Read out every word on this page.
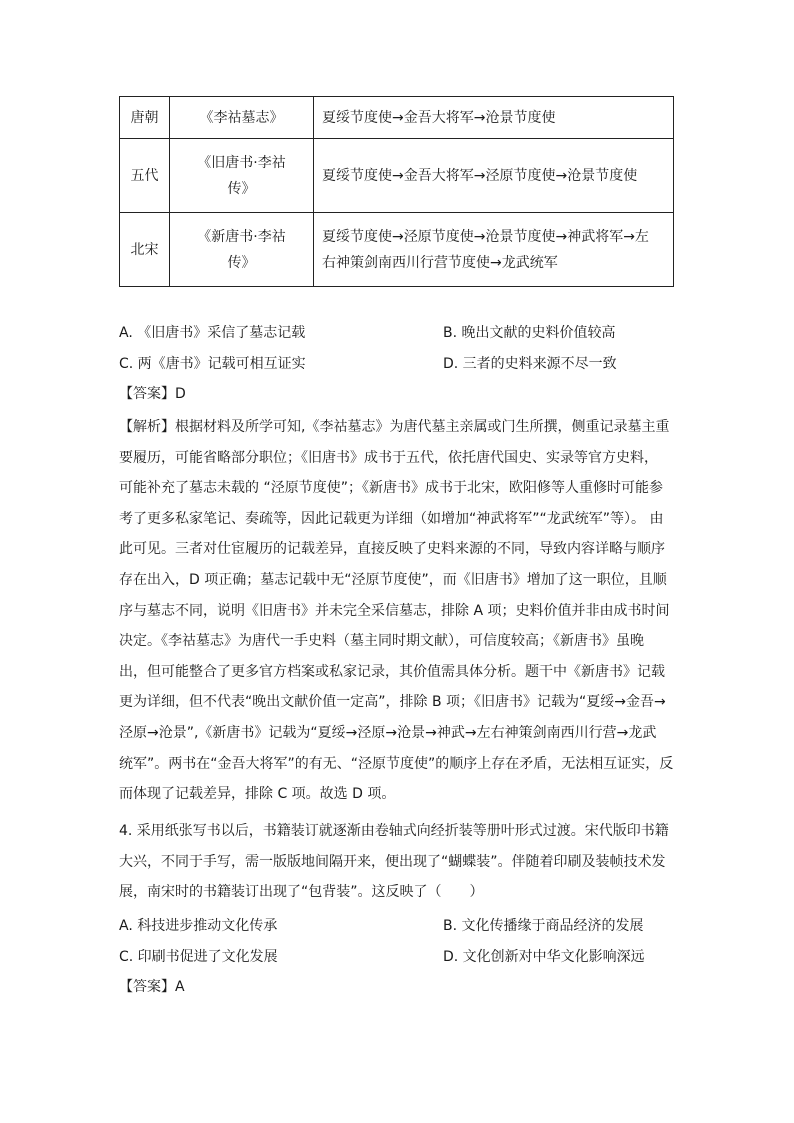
唐朝	《李祜墓志》	夏绥节度使→金吾大将军→沧景节度使

五代	《旧唐书·李祜
传》	夏绥节度使→金吾大将军→泾原节度使→沧景节度使

北宋	《新唐书·李祜
传》	夏绥节度使→泾原节度使→沧景节度使→神武将军→左
右神策剑南西川行营节度使→龙武统军
A. 《旧唐书》采信了墓志记载	B. 晚出文献的史料价值较高
C. 两《唐书》记载可相互证实	D. 三者的史料来源不尽一致
【答案】D
【解析】根据材料及所学可知,《李祜墓志》为唐代墓主亲属或门生所撰，侧重记录墓主重
要履历，可能省略部分职位；《旧唐书》成书于五代，依托唐代国史、实录等官方史料，
可能补充了墓志未载的 “泾原节度使”；《新唐书》成书于北宋，欧阳修等人重修时可能参
考了更多私家笔记、奏疏等，因此记载更为详细（如增加“神武将军”“龙武统军”等）。 由
此可见。三者对仕宦履历的记载差异，直接反映了史料来源的不同，导致内容详略与顺序
存在出入，D 项正确；墓志记载中无“泾原节度使”，而《旧唐书》增加了这一职位，且顺
序与墓志不同，说明《旧唐书》并未完全采信墓志，排除 A 项；史料价值并非由成书时间
决定。《李祜墓志》为唐代一手史料（墓主同时期文献），可信度较高；《新唐书》虽晚
出，但可能整合了更多官方档案或私家记录，其价值需具体分析。题干中《新唐书》记载
更为详细，但不代表“晚出文献价值一定高”，排除 B 项；《旧唐书》记载为“夏绥→金吾→
泾原→沧景”,《新唐书》记载为“夏绥→泾原→沧景→神武→左右神策剑南西川行营→龙武
统军”。两书在“金吾大将军”的有无、“泾原节度使”的顺序上存在矛盾，无法相互证实，反
而体现了记载差异，排除 C 项。故选 D 项。
4. 采用纸张写书以后，书籍装订就逐渐由卷轴式向经折装等册叶形式过渡。宋代版印书籍
大兴，不同于手写，需一版版地间隔开来，便出现了“蝴蝶装”。伴随着印刷及装帧技术发
展，南宋时的书籍装订出现了“包背装”。这反映了（　　）
A. 科技进步推动文化传承	B. 文化传播缘于商品经济的发展
C. 印刷书促进了文化发展	D. 文化创新对中华文化影响深远
【答案】A
